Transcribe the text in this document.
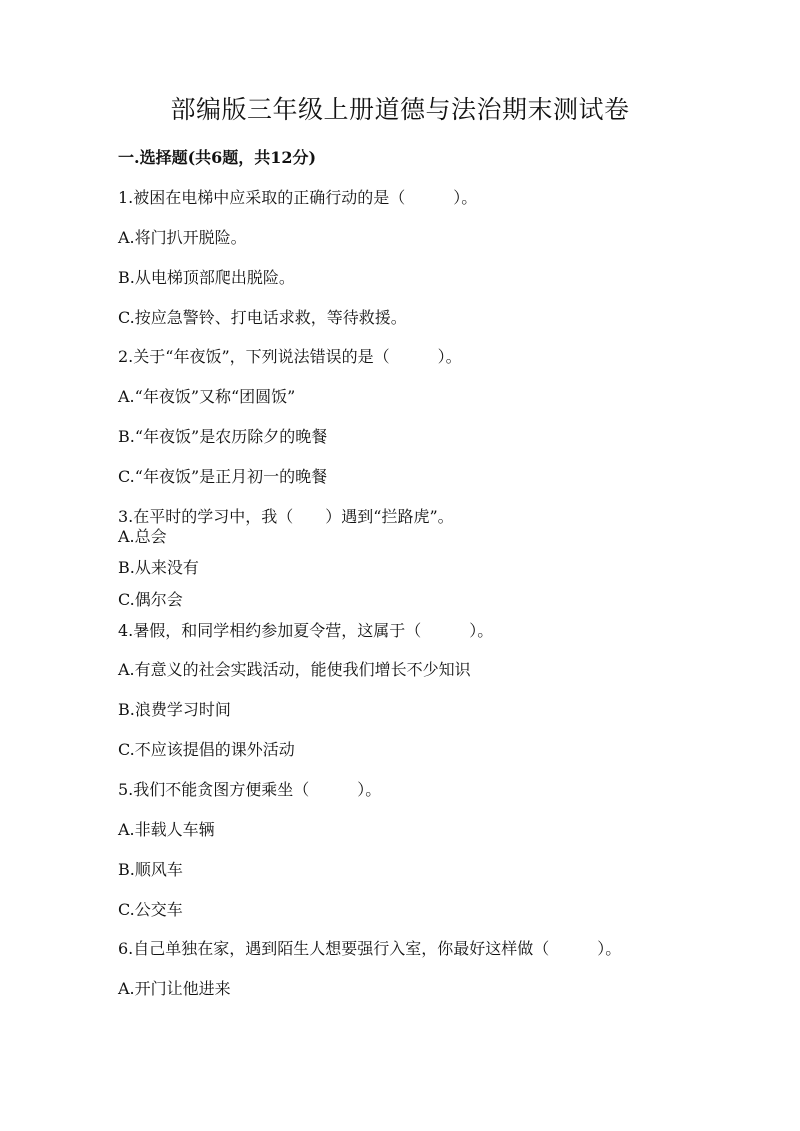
部编版三年级上册道德与法治期末测试卷
一.选择题(共6题，共12分)
1.被困在电梯中应采取的正确行动的是（　　　）。
A.将门扒开脱险。
B.从电梯顶部爬出脱险。
C.按应急警铃、打电话求救，等待救援。
2.关于“年夜饭”，下列说法错误的是（　　　）。
A.“年夜饭”又称“团圆饭”
B.“年夜饭”是农历除夕的晚餐
C.“年夜饭”是正月初一的晚餐
3.在平时的学习中，我（　　）遇到“拦路虎”。
A.总会
B.从来没有
C.偶尔会
4.暑假，和同学相约参加夏令营，这属于（　　　）。
A.有意义的社会实践活动，能使我们增长不少知识
B.浪费学习时间
C.不应该提倡的课外活动
5.我们不能贪图方便乘坐（　　　）。
A.非载人车辆
B.顺风车
C.公交车
6.自己单独在家，遇到陌生人想要强行入室，你最好这样做（　　　）。
A.开门让他进来
